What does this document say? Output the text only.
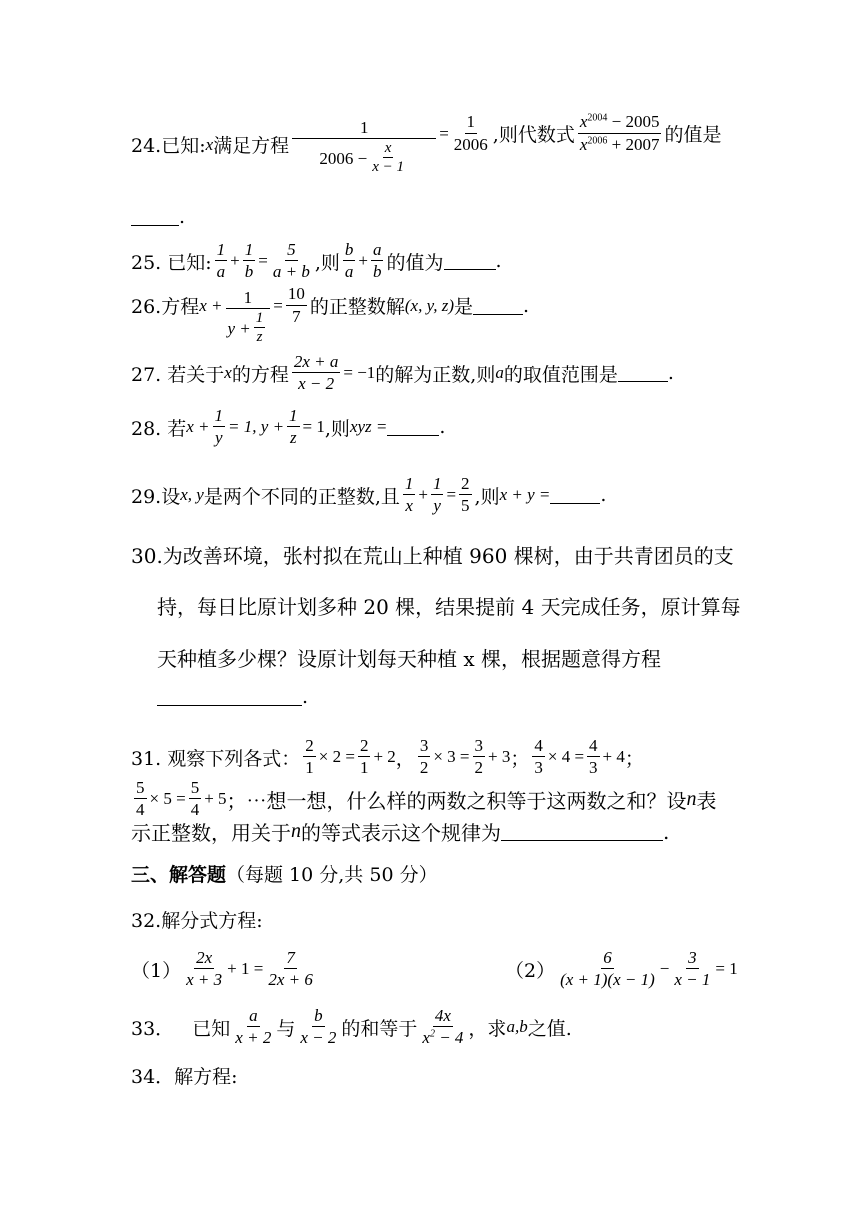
24.已知: x 满足方程 $\frac{1}{2006 - \frac{x}{x - 1}} = \frac{1}{2006}$ ,则代数式 $\frac{x^{2004} - 2005}{x^{2006} + 2007}$ 的值是
.
25. 已知: $\frac{1}{a} + \frac{1}{b} = \frac{5}{a + b}$ ,则 $\frac{b}{a} + \frac{a}{b}$ 的值为	.
26.方程 $x + \frac{1}{y + \frac{1}{z}} = \frac{10}{7}$ 的正整数解 (x, y, z) 是	.
27. 若关于 x 的方程 $\frac{2x + a}{x - 2} = -1$ 的解为正数,则 a 的取值范围是	.
28. 若 $x + \frac{1}{y} = 1$, $y + \frac{1}{z} = 1$ ,则 xyz =	.
29.设 x, y 是两个不同的正整数,且 $\frac{1}{x} + \frac{1}{y} = \frac{2}{5}$ ,则 x + y =	.
30.为改善环境，张村拟在荒山上种植 960 棵树，由于共青团员的支
持，每日比原计划多种 20 棵，结果提前 4 天完成任务，原计算每
天种植多少棵？设原计划每天种植 x 棵，根据题意得方程
.
31. 观察下列各式： $\frac{2}{1} \times 2 = \frac{2}{1} + 2$ ， $\frac{3}{2} \times 3 = \frac{3}{2} + 3$ ； $\frac{4}{3} \times 4 = \frac{4}{3} + 4$ ；
$\frac{5}{4} \times 5 = \frac{5}{4} + 5$ ；⋯想一想，什么样的两数之积等于这两数之和？设 n 表
示正整数，用关于 n 的等式表示这个规律为	.
三、解答题 （每题 10 分,共 50 分）
32.解分式方程:
$(1) \frac{2x}{x + 3} + 1 = \frac{7}{2x + 6}$	$(2) \frac{6}{(x + 1)(x - 1)} - \frac{3}{x - 1} = 1$
33．   已知 $\frac{a}{x + 2}$ 与 $\frac{b}{x - 2}$ 的和等于 $\frac{4x}{x^2 - 4}$ ，求 a,b 之值.
34．解方程:
